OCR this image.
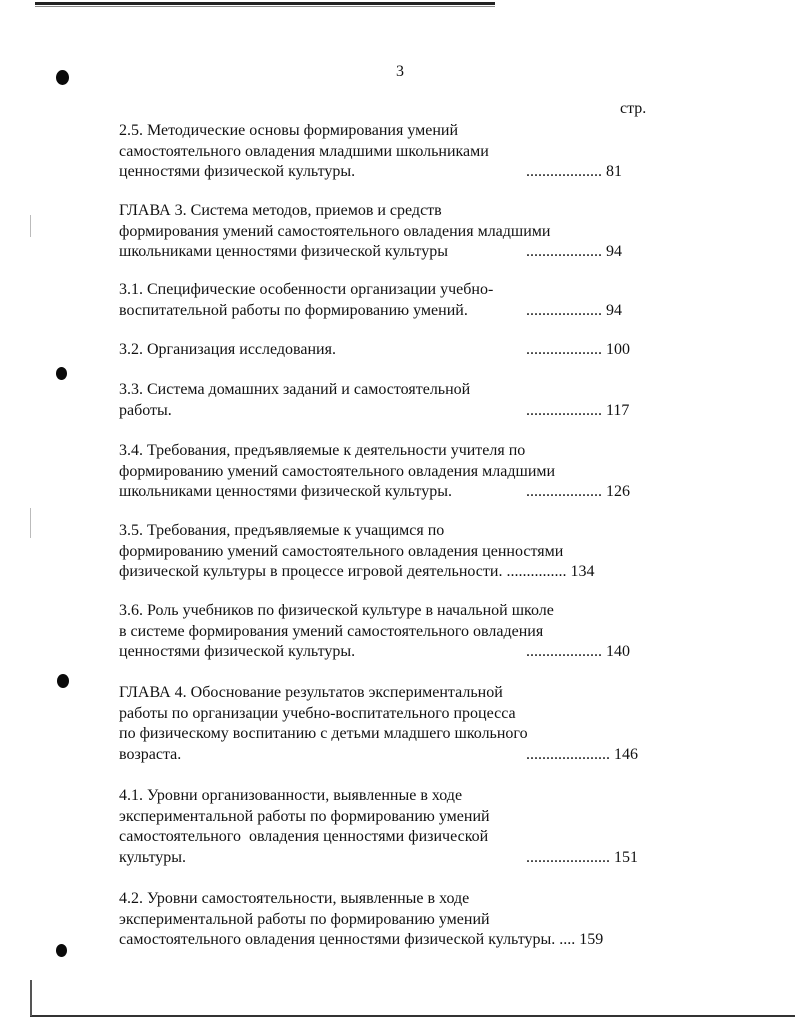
3
стр.
2.5. Методические основы формирования умений
самостоятельного овладения младшими школьниками
ценностями физической культуры.	................... 81
ГЛАВА 3. Система методов, приемов и средств
формирования умений самостоятельного овладения младшими
школьниками ценностями физической культуры	................... 94
3.1. Специфические особенности организации учебно-
воспитательной работы по формированию умений.	................... 94
3.2. Организация исследования.	................... 100
3.3. Система домашних заданий и самостоятельной
работы.	................... 117
3.4. Требования, предъявляемые к деятельности учителя по
формированию умений самостоятельного овладения младшими
школьниками ценностями физической культуры.	................... 126
3.5. Требования, предъявляемые к учащимся по
формированию умений самостоятельного овладения ценностями
физической культуры в процессе игровой деятельности. ............... 134
3.6. Роль учебников по физической культуре в начальной школе
в системе формирования умений самостоятельного овладения
ценностями физической культуры.	................... 140
ГЛАВА 4. Обоснование результатов экспериментальной
работы по организации учебно-воспитательного процесса
по физическому воспитанию с детьми младшего школьного
возраста.	..................... 146
4.1. Уровни организованности, выявленные в ходе
экспериментальной работы по формированию умений
самостоятельного  овладения ценностями физической
культуры.	..................... 151
4.2. Уровни самостоятельности, выявленные в ходе
экспериментальной работы по формированию умений
самостоятельного овладения ценностями физической культуры. .... 159
